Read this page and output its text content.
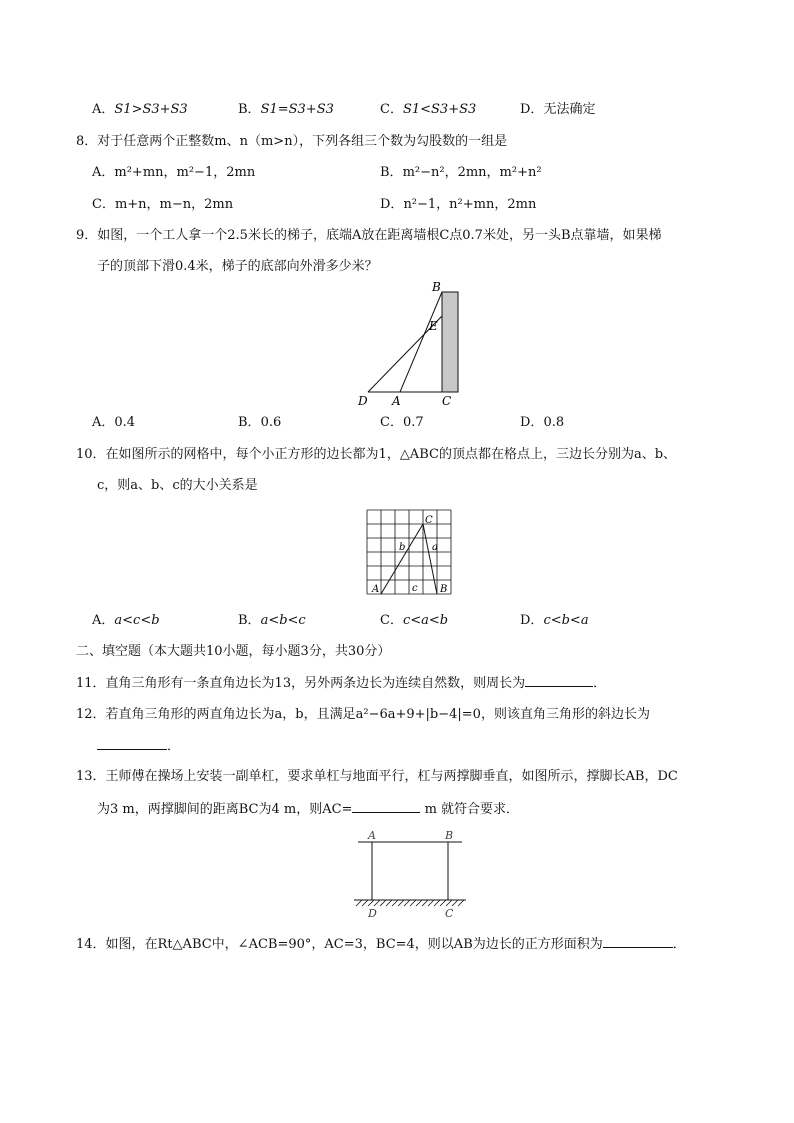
A．S1>S3+S3	B．S1=S3+S3	C．S1<S3+S3	D．无法确定
8．对于任意两个正整数m、n（m>n），下列各组三个数为勾股数的一组是
A．m²+mn，m²−1，2mn	B．m²−n²，2mn，m²+n²
C．m+n，m−n，2mn	D．n²−1，n²+mn，2mn
9．如图，一个工人拿一个2.5米长的梯子，底端A放在距离墙根C点0.7米处，另一头B点靠墙，如果梯
子的顶部下滑0.4米，梯子的底部向外滑多少米？
B
E
D A	C
A．0.4	B．0.6	C．0.7	D．0.8
10．在如图所示的网格中，每个小正方形的边长都为1，△ABC的顶点都在格点上，三边长分别为a、b、
c，则a、b、c的大小关系是
C
A	B
b	a
c
A．a<c<b	B．a<b<c	C．c<a<b	D．c<b<a
二、填空题（本大题共10小题，每小题3分，共30分）
11．直角三角形有一条直角边长为13，另外两条边长为连续自然数，则周长为	．
12．若直角三角形的两直角边长为a，b，且满足a²−6a+9+|b−4|=0，则该直角三角形的斜边长为
．
13．王师傅在操场上安装一副单杠，要求单杠与地面平行，杠与两撑脚垂直，如图所示，撑脚长AB，DC
为3 m，两撑脚间的距离BC为4 m，则AC=	m 就符合要求．
A	B
D	C
14．如图，在Rt△ABC中，∠ACB=90°，AC=3，BC=4，则以AB为边长的正方形面积为	．
